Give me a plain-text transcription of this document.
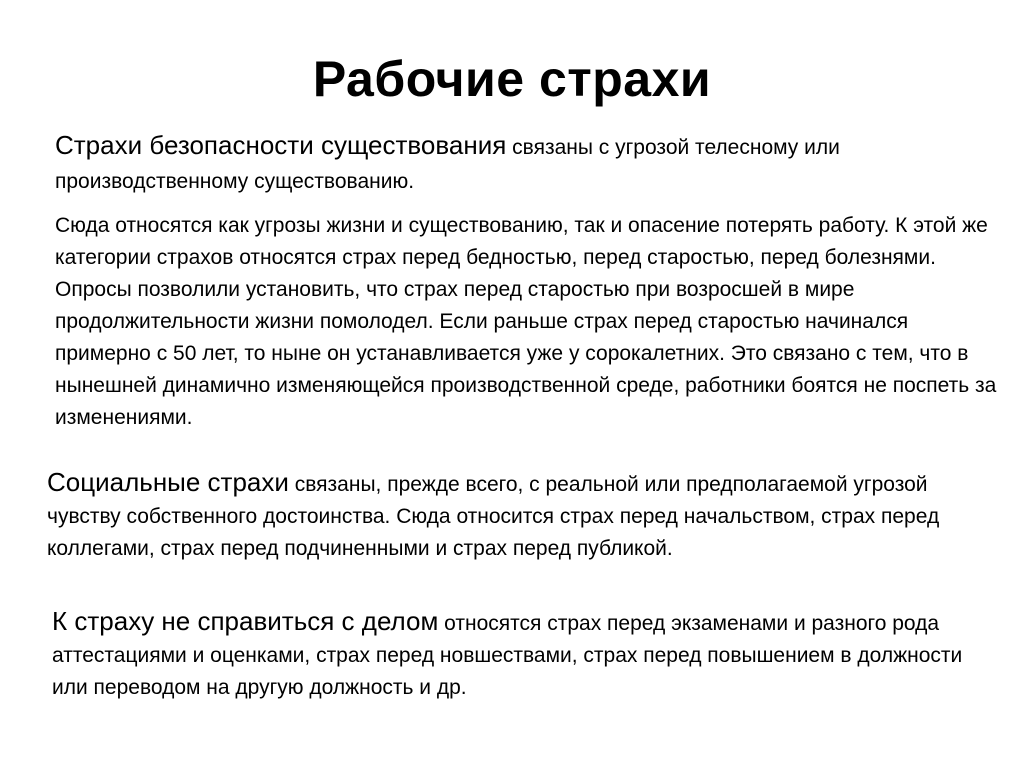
Рабочие страхи
Страхи безопасности существования связаны с угрозой телесному или производственному существованию.
Сюда относятся как угрозы жизни и существованию, так и опасение потерять работу. К этой же категории страхов относятся страх перед бедностью, перед старостью, перед болезнями. Опросы позволили установить, что страх перед старостью при возросшей в мире продолжительности жизни помолодел. Если раньше страх перед старостью начинался примерно с 50 лет, то ныне он устанавливается уже у сорокалетних. Это связано с тем, что в нынешней динамично изменяющейся производственной среде, работники боятся не поспеть за изменениями.
Социальные страхи связаны, прежде всего, с реальной или предполагаемой угрозой чувству собственного достоинства. Сюда относится страх перед начальством, страх перед коллегами, страх перед подчиненными и страх перед публикой.
К страху не справиться с делом относятся страх перед экзаменами и разного рода аттестациями и оценками, страх перед новшествами, страх перед повышением в должности или переводом на другую должность и др.
